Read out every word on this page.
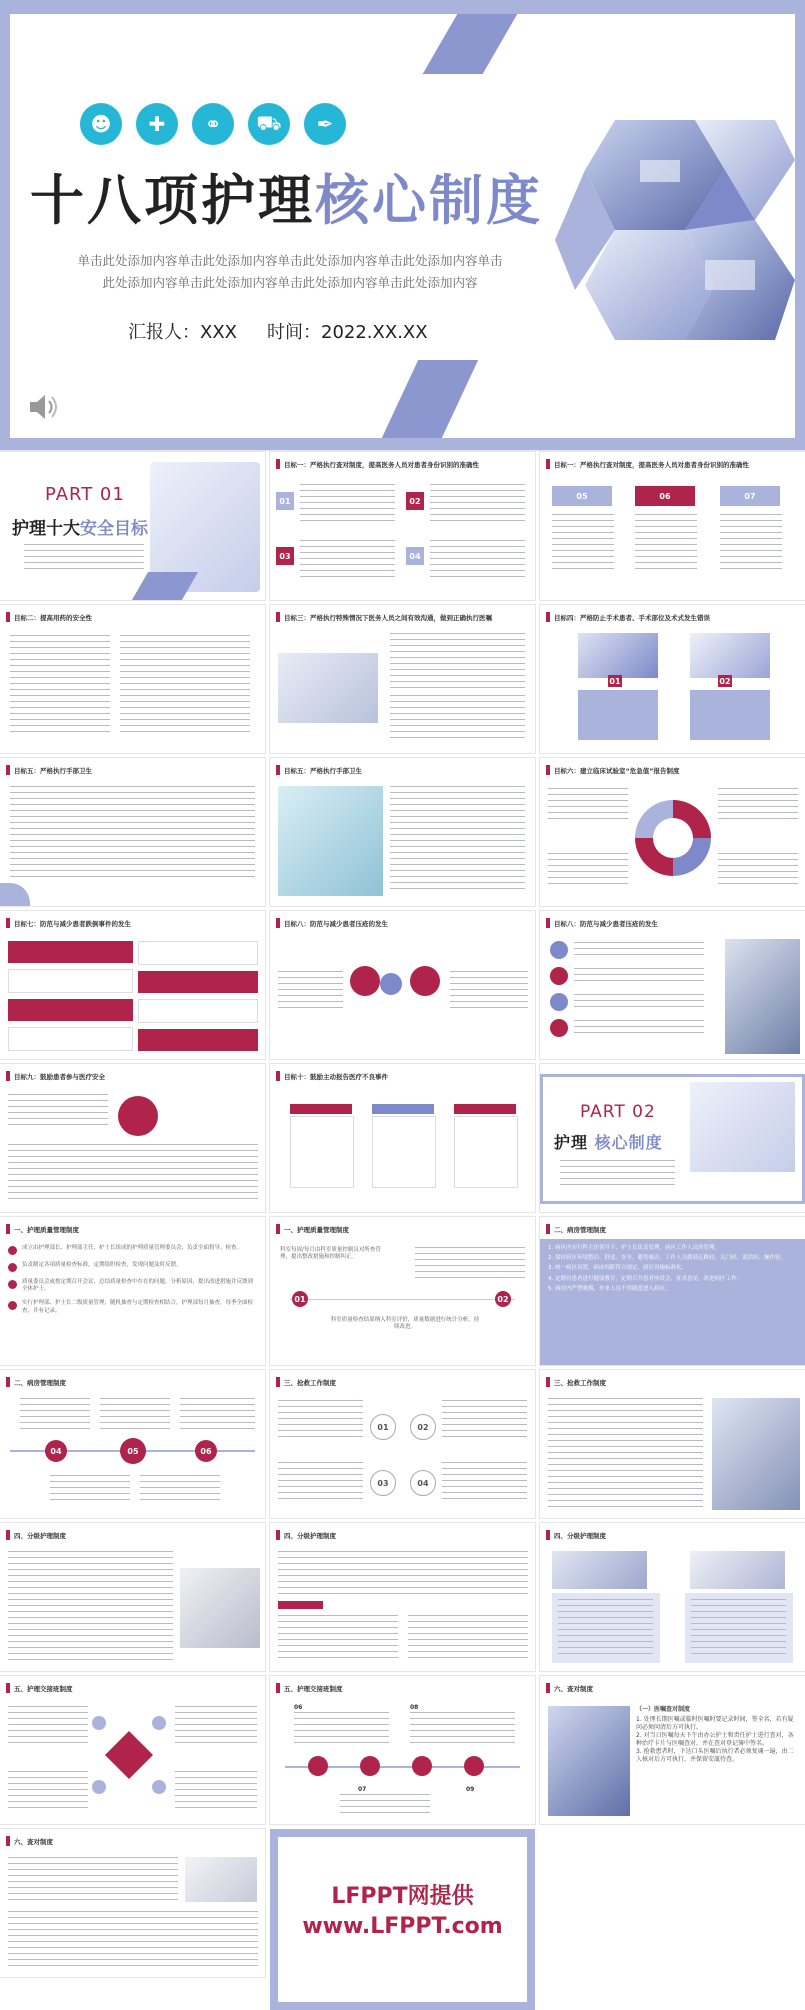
☻	✚	⚭	⛟	✒
十八项护理核心制度
单击此处添加内容单击此处添加内容单击此处添加内容单击此处添加内容单击
此处添加内容单击此处添加内容单击此处添加内容单击此处添加内容
汇报人：XXX 时间：2022.XX.XX
PART 01
护理十大安全目标
目标一：严格执行查对制度，提高医务人员对患者身份识别的准确性
01	02
03	04
目标一：严格执行查对制度，提高医务人员对患者身份识别的准确性
05	06	07
目标二：提高用药的安全性	目标三：严格执行特殊情况下医务人员之间有效沟通，做到正确执行医嘱	目标四：严格防止手术患者、手术部位及术式发生错误
01	02
目标五：严格执行手部卫生	目标五：严格执行手部卫生	目标六：建立临床试验室“危急值”报告制度
目标七：防范与减少患者跌倒事件的发生	目标八：防范与减少患者压疮的发生	目标八：防范与减少患者压疮的发生
目标九：鼓励患者参与医疗安全	目标十：鼓励主动报告医疗不良事件
PART 02
护理 核心制度
一、护理质量管理制度
成立由护理部长、护理部主任、护士长组成的护理质量管理委员会，负责全面督导、检查。
负责制定各项质量检查标准，定期组织检查，发现问题及时反馈。
质量委员会或按定期召开会议，总结质量检查中存在的问题，分析原因，提出改进措施并反馈到全体护士。
实行护理部、护士长二级质量管理，随机抽查与定期检查相结合，护理部每月抽查，每季全面检查，并有记录。
一、护理质量管理制度
科室每周/每月由科室质量控制员对所查管理，提出整改措施和控制纠正。
01	02
科室质量检查结果纳入科室评价，质量数据进行统计分析，持续改进。
二、病房管理制度
1. 病区内实行科主任领导下、护士长负责管理，病区工作人员的管理。
2. 保持病区环境整洁、舒适、安全、避免噪音，工作人员做到走路轻、关门轻、说话轻、操作轻。
3. 统一病区设置，病床间距符合规定，病区设施标准化。
4. 定期对患者进行健康教育，定期召开患者座谈会，征求意见，改进病区工作。
5. 病房内严禁吸烟，外来人员不得随意进入病区。
二、病房管理制度
04	05	06
三、抢救工作制度
01	02
03	04
三、抢救工作制度
四、分级护理制度	四、分级护理制度	四、分级护理制度
五、护理交接班制度	五、护理交接班制度
06	08
07	09
六、查对制度
（一）医嘱查对制度
1. 处理长期医嘱或临时医嘱时要记录时间，签全名，若有疑问必须问清后方可执行。
2. 对当日医嘱每天下午由办公护士和责任护士进行查对，各种治疗卡片与医嘱查对，并在查对登记簿中签名。
3. 抢救患者时，下达口头医嘱后执行者必须复诵一遍，由二人核对后方可执行，并保留安瓿待查。
六、查对制度
LFPPT网提供
www.LFPPT.com
